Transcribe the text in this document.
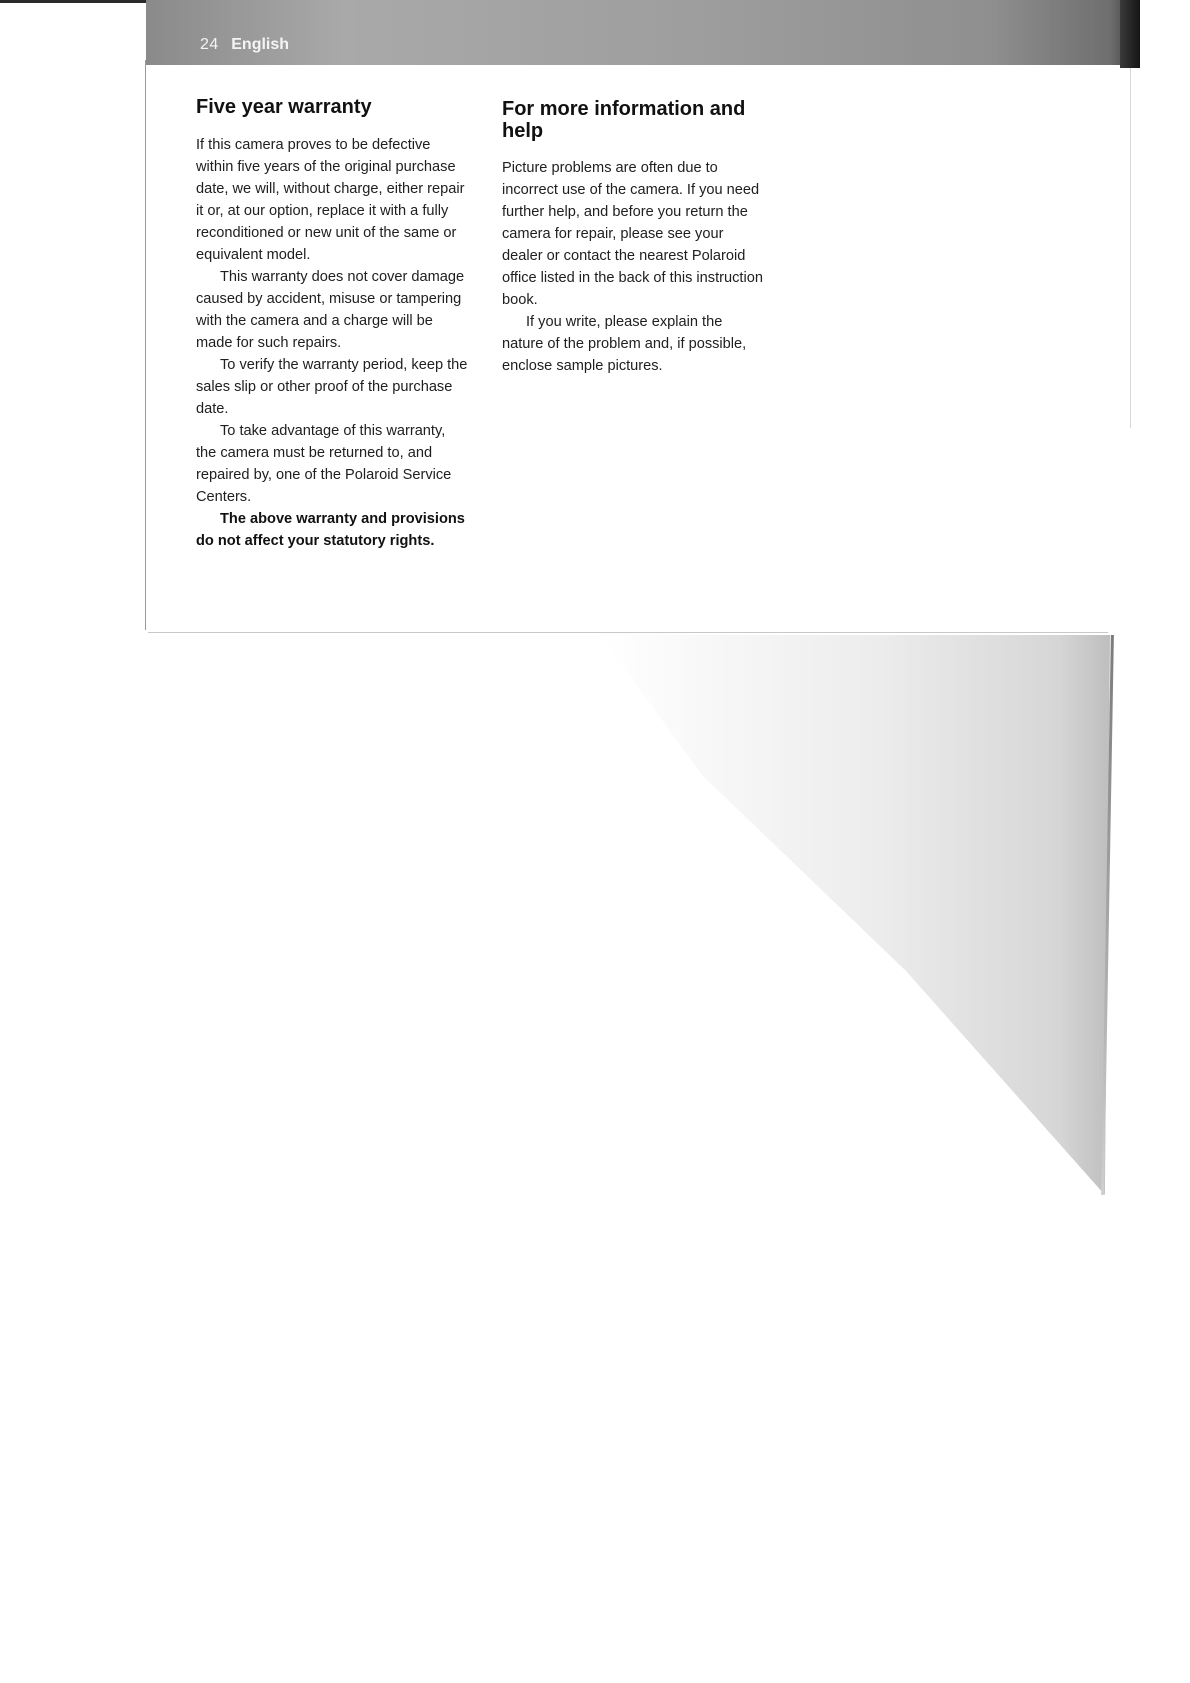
24 English
Five year warranty

If this camera proves to be defective within five years of the original purchase date, we will, without charge, either repair it or, at our option, replace it with a fully reconditioned or new unit of the same or equivalent model.

This warranty does not cover damage caused by accident, misuse or tampering with the camera and a charge will be made for such repairs.

To verify the warranty period, keep the sales slip or other proof of the purchase date.

To take advantage of this warranty, the camera must be returned to, and repaired by, one of the Polaroid Service Centers.

The above warranty and provisions do not affect your statutory rights.

For more information and help

Picture problems are often due to incorrect use of the camera. If you need further help, and before you return the camera for repair, please see your dealer or contact the nearest Polaroid office listed in the back of this instruction book.

If you write, please explain the nature of the problem and, if possible, enclose sample pictures.
